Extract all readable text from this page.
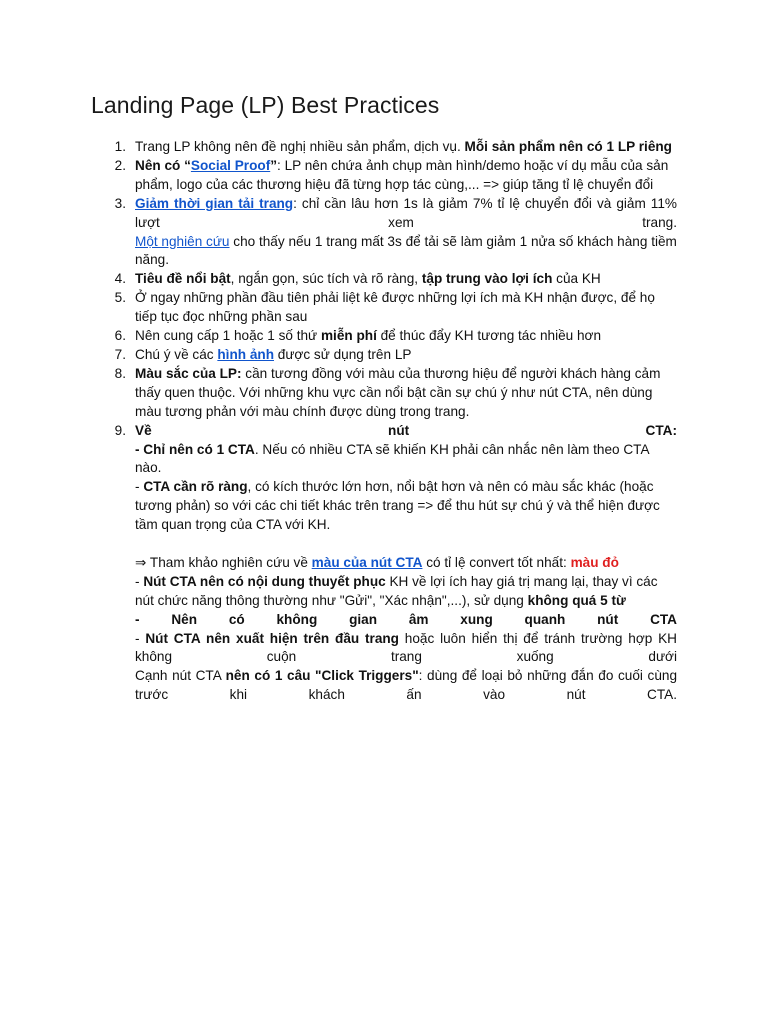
Landing Page (LP) Best Practices
1. Trang LP không nên đề nghị nhiều sản phẩm, dịch vụ. Mỗi sản phẩm nên có 1 LP riêng
2. Nên có “Social Proof”: LP nên chứa ảnh chụp màn hình/demo hoặc ví dụ mẫu của sản phẩm, logo của các thương hiệu đã từng hợp tác cùng,... => giúp tăng tỉ lệ chuyển đổi
3. Giảm thời gian tải trang: chỉ cần lâu hơn 1s là giảm 7% tỉ lệ chuyển đổi và giảm 11% lượt xem trang.
Một nghiên cứu cho thấy nếu 1 trang mất 3s để tải sẽ làm giảm 1 nửa số khách hàng tiềm năng.
4. Tiêu đề nổi bật, ngắn gọn, súc tích và rõ ràng, tập trung vào lợi ích của KH
5. Ở ngay những phần đầu tiên phải liệt kê được những lợi ích mà KH nhận được, để họ tiếp tục đọc những phần sau
6. Nên cung cấp 1 hoặc 1 số thứ miễn phí để thúc đẩy KH tương tác nhiều hơn
7. Chú ý về các hình ảnh được sử dụng trên LP
8. Màu sắc của LP: cần tương đồng với màu của thương hiệu để người khách hàng cảm thấy quen thuộc. Với những khu vực cần nổi bật cần sự chú ý như nút CTA, nên dùng màu tương phản với màu chính được dùng trong trang.
9. Về nút CTA:
- Chỉ nên có 1 CTA. Nếu có nhiều CTA sẽ khiến KH phải cân nhắc nên làm theo CTA nào.
- CTA cần rõ ràng, có kích thước lớn hơn, nổi bật hơn và nên có màu sắc khác (hoặc tương phản) so với các chi tiết khác trên trang => để thu hút sự chú ý và thể hiện được tầm quan trọng của CTA với KH.
⇒ Tham khảo nghiên cứu về màu của nút CTA có tỉ lệ convert tốt nhất: màu đỏ
- Nút CTA nên có nội dung thuyết phục KH về lợi ích hay giá trị mang lại, thay vì các nút chức năng thông thường như "Gửi", "Xác nhận",...), sử dụng không quá 5 từ
- Nên có không gian âm xung quanh nút CTA
- Nút CTA nên xuất hiện trên đầu trang hoặc luôn hiển thị để tránh trường hợp KH không cuộn trang xuống dưới
Cạnh nút CTA nên có 1 câu "Click Triggers": dùng để loại bỏ những đắn đo cuối cùng trước khi khách ấn vào nút CTA.
